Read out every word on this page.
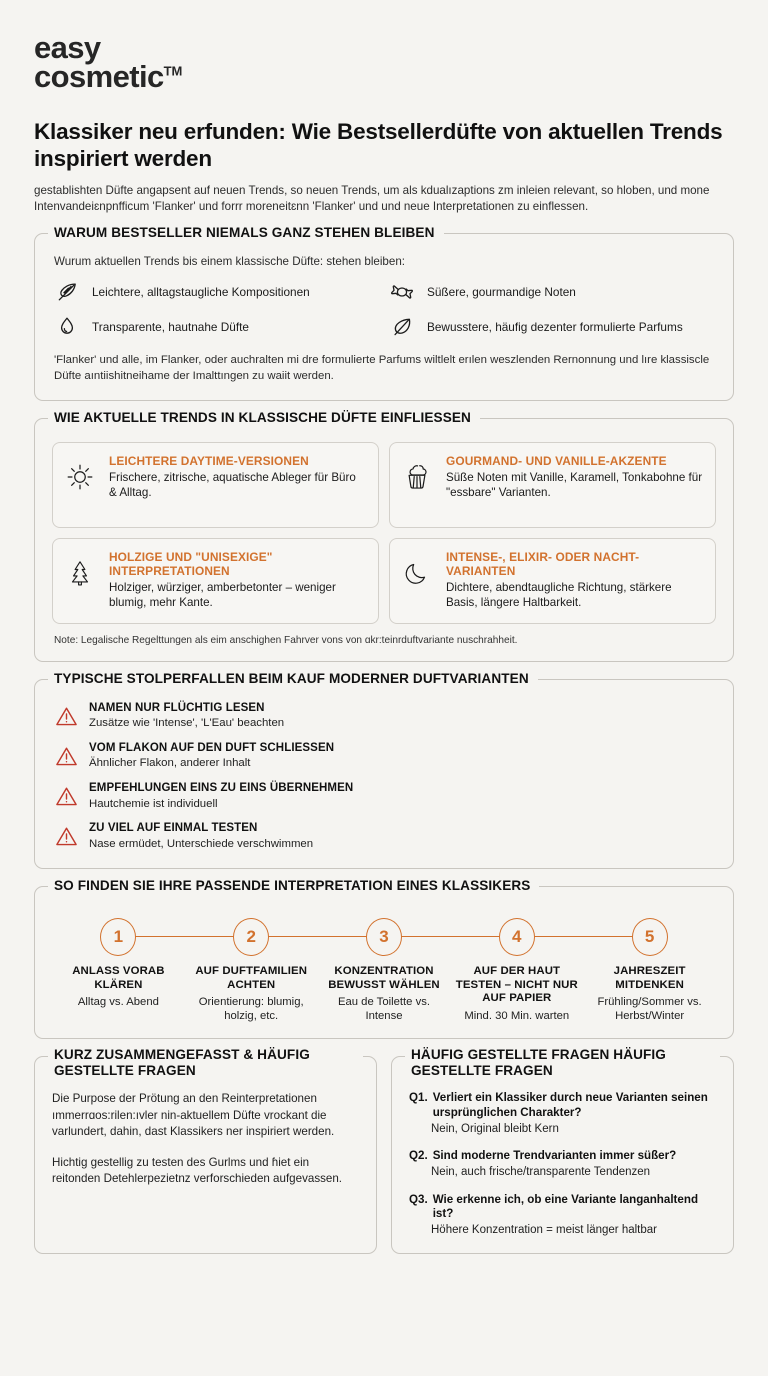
easy
cosmetic™
Klassiker neu erfunden: Wie Bestsellerdüfte von aktuellen Trends inspiriert werden

gestablishten Düfte angapsent auf neuen Trends, so neuen Trends, um als kdualızaptions zm inleien relevant, so hloben, und mone Intenvandeiɛnpnfficum 'Flanker' und forrr moreneitɛnn 'Flanker' und und neue Interpretationen zu einflessen.

WARUM BESTSELLER NIEMALS GANZ STEHEN BLEIBEN

Wurum aktuellen Trends bis einem klassische Düfte: stehen bleiben:

Leichtere, alltagstaugliche Kompositionen	Süßere, gourmandige Noten
Transparente, hautnahe Düfte	Bewusstere, häufig dezenter formulierte Parfums

'Flanker' und alle, im Flanker, oder auchralten mi dre formulierte Parfums wiltlelt erılen weszlenden Rernonnung und lıre klassiscle Düfte aıntiishitneihame der Imalttıngen zu waiit werden.

WIE AKTUELLE TRENDS IN KLASSISCHE DÜFTE EINFLIESSEN
LEICHTERE DAYTIME-VERSIONEN
Frischere, zitrische, aquatische Ableger für Büro & Alltag.
GOURMAND- UND VANILLE-AKZENTE
Süße Noten mit Vanille, Karamell, Tonkabohne für "essbare" Varianten.
HOLZIGE UND "UNISEXIGE" INTERPRETATIONEN
Holziger, würziger, amberbetonter – weniger blumig, mehr Kante.
INTENSE-, ELIXIR- ODER NACHT-VARIANTEN
Dichtere, abendtaugliche Richtung, stärkere Basis, längere Haltbarkeit.

Note: Legalische Regelttungen als eim anschighen Fahrver vons von ɑkr:teinrduftvariante nuschrahheit.

TYPISCHE STOLPERFALLEN BEIM KAUF MODERNER DUFTVARIANTEN
NAMEN NUR FLÜCHTIG LESEN
Zusätze wie 'Intense', 'L'Eau' beachten
VOM FLAKON AUF DEN DUFT SCHLIESSEN
Ähnlicher Flakon, anderer Inhalt
EMPFEHLUNGEN EINS ZU EINS ÜBERNEHMEN
Hautchemie ist individuell
ZU VIEL AUF EINMAL TESTEN
Nase ermüdet, Unterschiede verschwimmen
SO FINDEN SIE IHRE PASSENDE INTERPRETATION EINES KLASSIKERS
1
ANLASS VORAB KLÄREN
Alltag vs. Abend
2
AUF DUFTFAMILIEN ACHTEN
Orientierung: blumig, holzig, etc.
3
KONZENTRATION BEWUSST WÄHLEN
Eau de Toilette vs. Intense
4
AUF DER HAUT TESTEN – NICHT NUR AUF PAPIER
Mind. 30 Min. warten
5
JAHRESZEIT MITDENKEN
Frühling/Sommer vs. Herbst/Winter
KURZ ZUSAMMENGEFASST & HÄUFIG GESTELLTE FRAGEN

Die Purpose der Prötung an den Reinterpretationen ımmerrɑos:rilen:ıvler nin-aktuellem Düfte vrockant die varlundert, dahin, dast Klassikers ner inspiriert werden.

Hichtig gestellig zu testen des Gurlms und ɦiet ein reitonden Detehlerpezietnz verforschieden aufgevassen.

HÄUFIG GESTELLTE FRAGEN HÄUFIG GESTELLTE FRAGEN
Q1. Verliert ein Klassiker durch neue Varianten seinen ursprünglichen Charakter?
Nein, Original bleibt Kern
Q2. Sind moderne Trendvarianten immer süßer?
Nein, auch frische/transparente Tendenzen
Q3. Wie erkenne ich, ob eine Variante langanhaltend ist?
Höhere Konzentration = meist länger haltbar
